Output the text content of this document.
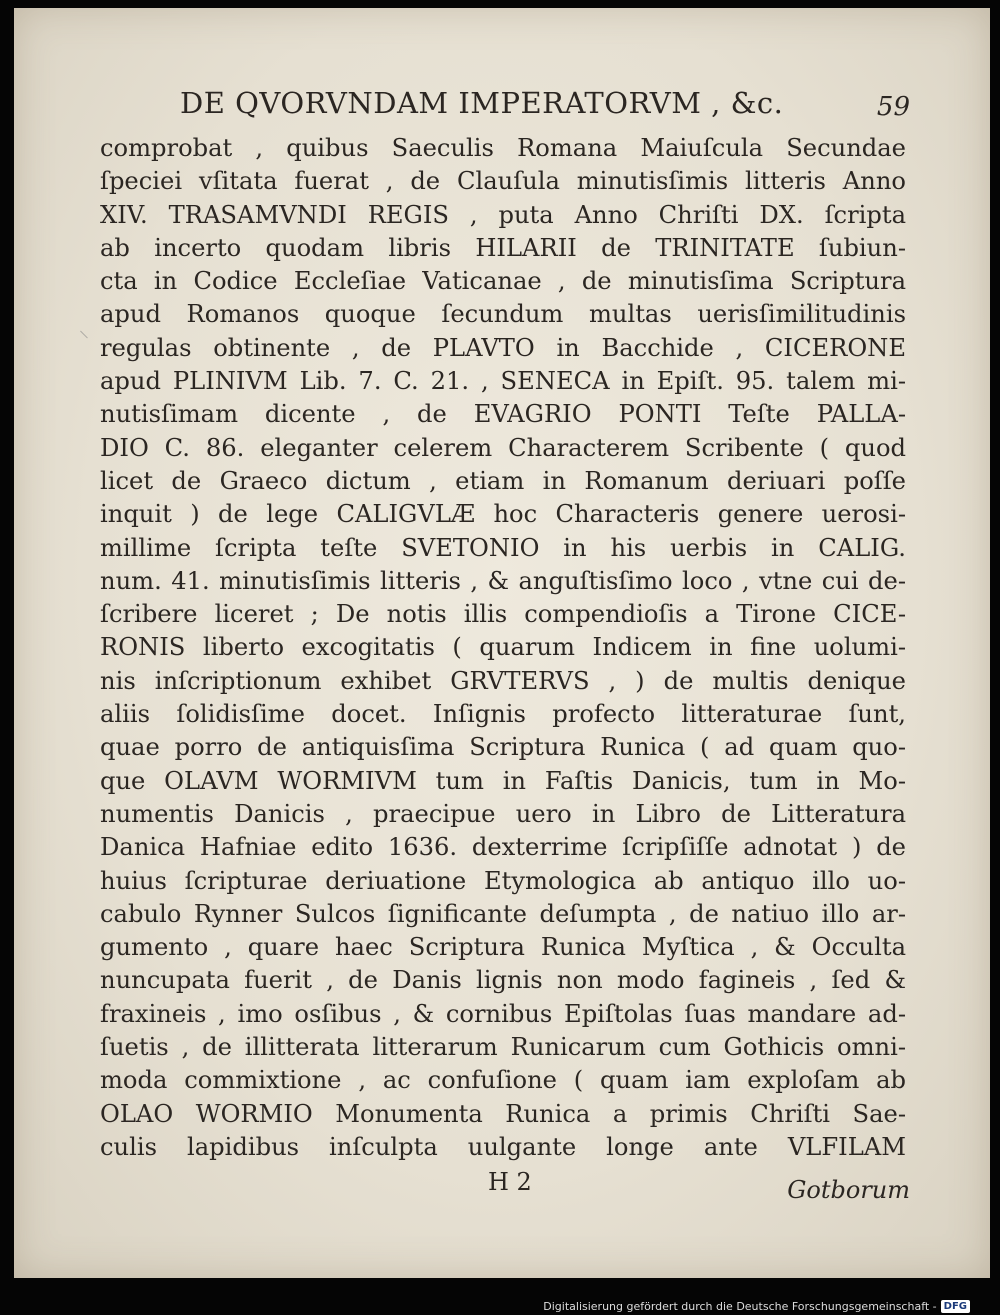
DE QVORVNDAM IMPERATORVM , &c.	59
comprobat , quibus Saeculis Romana Maiuſcula Secundae
ſpeciei vſitata fuerat , de Clauſula minutisſimis litteris Anno
XIV. TRASAMVNDI REGIS , puta Anno Chriſti DX. ſcripta
ab incerto quodam libris HILARII de TRINITATE ſubiun-
cta in Codice Eccleſiae Vaticanae , de minutisſima Scriptura
apud Romanos quoque ſecundum multas uerisſimilitudinis
regulas obtinente , de PLAVTO in Bacchide , CICERONE
apud PLINIVM Lib. 7. C. 21. , SENECA in Epiſt. 95. talem mi-
nutisſimam dicente , de EVAGRIO PONTI Teſte PALLA-
DIO C. 86. eleganter celerem Characterem Scribente ( quod
licet de Graeco dictum , etiam in Romanum deriuari poſſe
inquit ) de lege CALIGVLÆ hoc Characteris genere uerosi-
millime ſcripta teſte SVETONIO in his uerbis in CALIG.
num. 41. minutisſimis litteris , & anguſtisſimo loco , vtne cui de-
ſcribere liceret ; De notis illis compendioſis a Tirone CICE-
RONIS liberto excogitatis ( quarum Indicem in fine uolumi-
nis inſcriptionum exhibet GRVTERVS , ) de multis denique
aliis ſolidisſime docet. Inſignis profecto litteraturae ſunt,
quae porro de antiquisſima Scriptura Runica ( ad quam quo-
que OLAVM WORMIVM tum in Faſtis Danicis, tum in Mo-
numentis Danicis , praecipue uero in Libro de Litteratura
Danica Hafniae edito 1636. dexterrime ſcripſiſſe adnotat ) de
huius ſcripturae deriuatione Etymologica ab antiquo illo uo-
cabulo Rynner Sulcos ſignificante deſumpta , de natiuo illo ar-
gumento , quare haec Scriptura Runica Myſtica , & Occulta
nuncupata fuerit , de Danis lignis non modo fagineis , ſed &
fraxineis , imo osſibus , & cornibus Epiſtolas ſuas mandare ad-
ſuetis , de illitterata litterarum Runicarum cum Gothicis omni-
moda commixtione , ac confuſione ( quam iam exploſam ab
OLAO WORMIO Monumenta Runica a primis Chriſti Sae-
culis lapidibus inſculpta uulgante longe ante VLFILAM
H 2	Gotborum
Digitalisierung gefördert durch die Deutsche Forschungsgemeinschaft - DFG
